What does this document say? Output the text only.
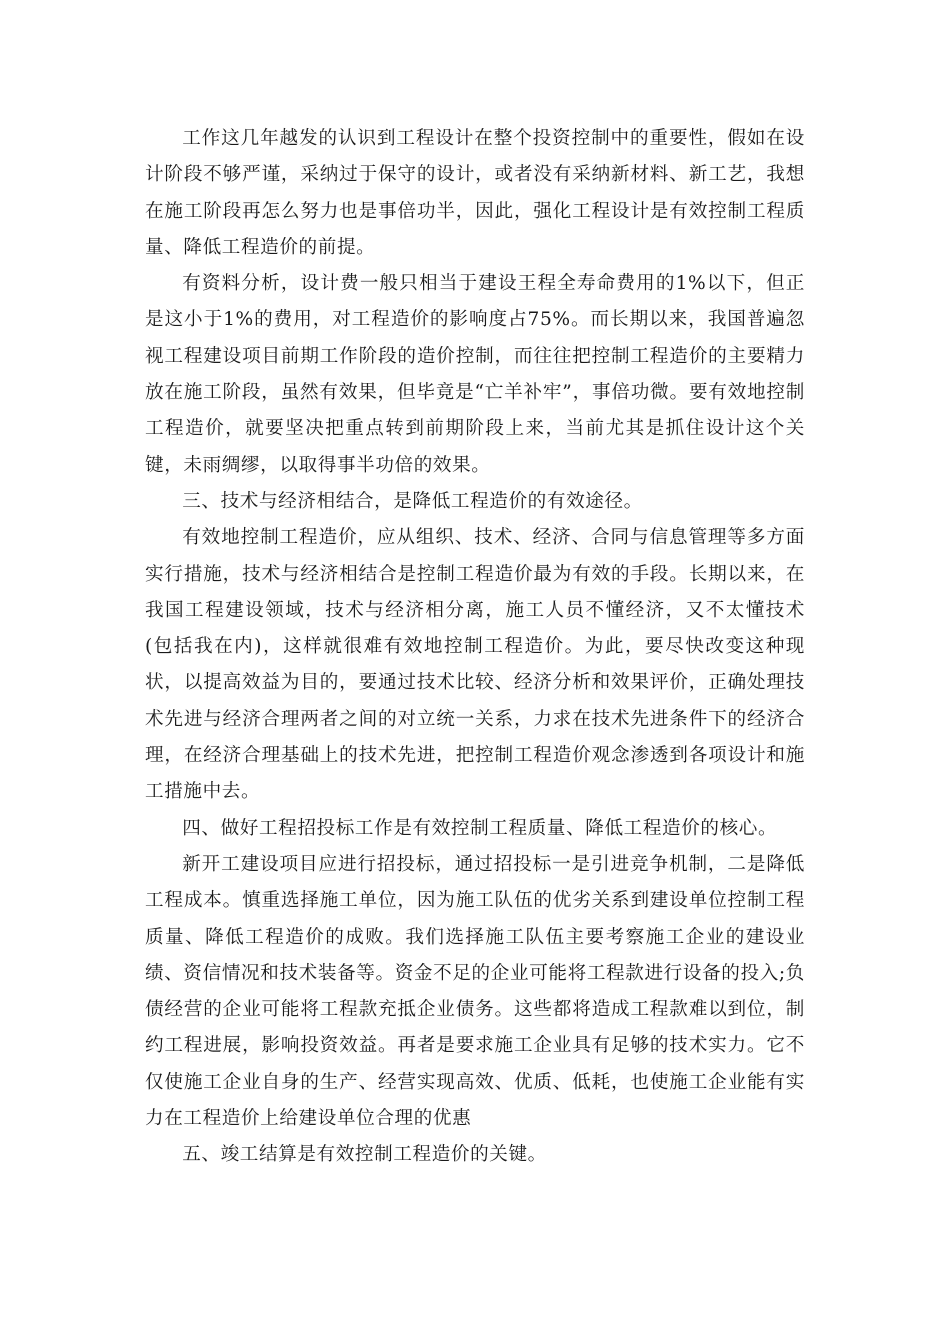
工作这几年越发的认识到工程设计在整个投资控制中的重要性，假如在设计阶段不够严谨，采纳过于保守的设计，或者没有采纳新材料、新工艺，我想在施工阶段再怎么努力也是事倍功半，因此，强化工程设计是有效控制工程质量、降低工程造价的前提。

有资料分析，设计费一般只相当于建设王程全寿命费用的1%以下，但正是这小于1%的费用，对工程造价的影响度占75%。而长期以来，我国普遍忽视工程建设项目前期工作阶段的造价控制，而往往把控制工程造价的主要精力放在施工阶段，虽然有效果，但毕竟是“亡羊补牢”，事倍功微。要有效地控制工程造价，就要坚决把重点转到前期阶段上来，当前尤其是抓住设计这个关键，未雨绸缪，以取得事半功倍的效果。

三、技术与经济相结合，是降低工程造价的有效途径。

有效地控制工程造价，应从组织、技术、经济、合同与信息管理等多方面实行措施，技术与经济相结合是控制工程造价最为有效的手段。长期以来，在我国工程建设领域，技术与经济相分离，施工人员不懂经济，又不太懂技术(包括我在内)，这样就很难有效地控制工程造价。为此，要尽快改变这种现状，以提高效益为目的，要通过技术比较、经济分析和效果评价，正确处理技术先进与经济合理两者之间的对立统一关系，力求在技术先进条件下的经济合理，在经济合理基础上的技术先进，把控制工程造价观念渗透到各项设计和施工措施中去。

四、做好工程招投标工作是有效控制工程质量、降低工程造价的核心。

新开工建设项目应进行招投标，通过招投标一是引进竞争机制，二是降低工程成本。慎重选择施工单位，因为施工队伍的优劣关系到建设单位控制工程质量、降低工程造价的成败。我们选择施工队伍主要考察施工企业的建设业绩、资信情况和技术装备等。资金不足的企业可能将工程款进行设备的投入;负债经营的企业可能将工程款充抵企业债务。这些都将造成工程款难以到位，制约工程进展，影响投资效益。再者是要求施工企业具有足够的技术实力。它不仅使施工企业自身的生产、经营实现高效、优质、低耗，也使施工企业能有实力在工程造价上给建设单位合理的优惠

五、竣工结算是有效控制工程造价的关键。
